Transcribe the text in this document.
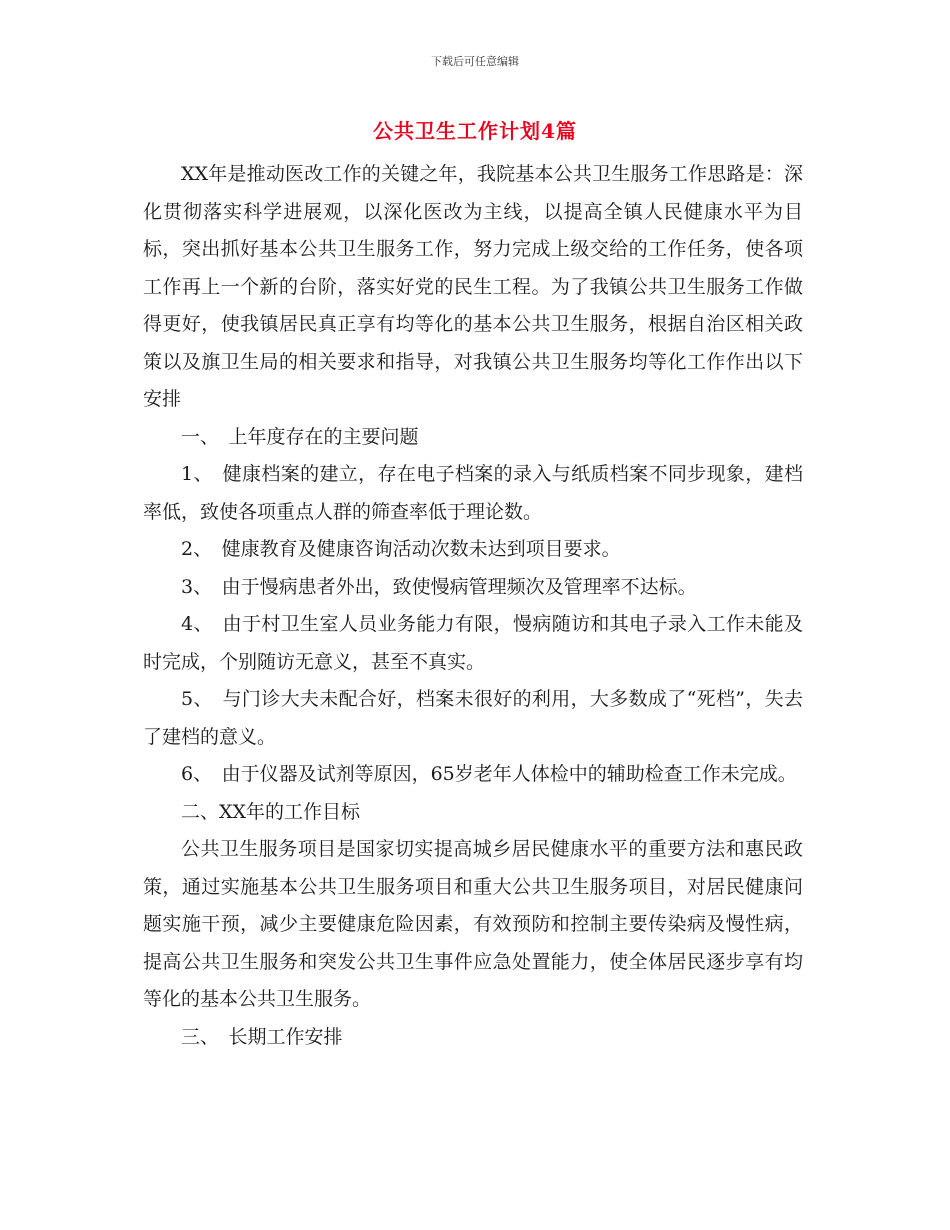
下载后可任意编辑
公共卫生工作计划4篇

XX年是推动医改工作的关键之年，我院基本公共卫生服务工作思路是：深化贯彻落实科学进展观，以深化医改为主线，以提高全镇人民健康水平为目标，突出抓好基本公共卫生服务工作，努力完成上级交给的工作任务，使各项工作再上一个新的台阶，落实好党的民生工程。为了我镇公共卫生服务工作做得更好，使我镇居民真正享有均等化的基本公共卫生服务，根据自治区相关政策以及旗卫生局的相关要求和指导，对我镇公共卫生服务均等化工作作出以下安排

一、　上年度存在的主要问题

1、　健康档案的建立，存在电子档案的录入与纸质档案不同步现象，建档率低，致使各项重点人群的筛查率低于理论数。

2、　健康教育及健康咨询活动次数未达到项目要求。

3、　由于慢病患者外出，致使慢病管理频次及管理率不达标。

4、　由于村卫生室人员业务能力有限，慢病随访和其电子录入工作未能及时完成，个别随访无意义，甚至不真实。

5、　与门诊大夫未配合好，档案未很好的利用，大多数成了“死档”，失去了建档的意义。

6、　由于仪器及试剂等原因，65岁老年人体检中的辅助检查工作未完成。

二、XX年的工作目标

公共卫生服务项目是国家切实提高城乡居民健康水平的重要方法和惠民政策，通过实施基本公共卫生服务项目和重大公共卫生服务项目，对居民健康问题实施干预，减少主要健康危险因素，有效预防和控制主要传染病及慢性病，提高公共卫生服务和突发公共卫生事件应急处置能力，使全体居民逐步享有均等化的基本公共卫生服务。

三、　长期工作安排
